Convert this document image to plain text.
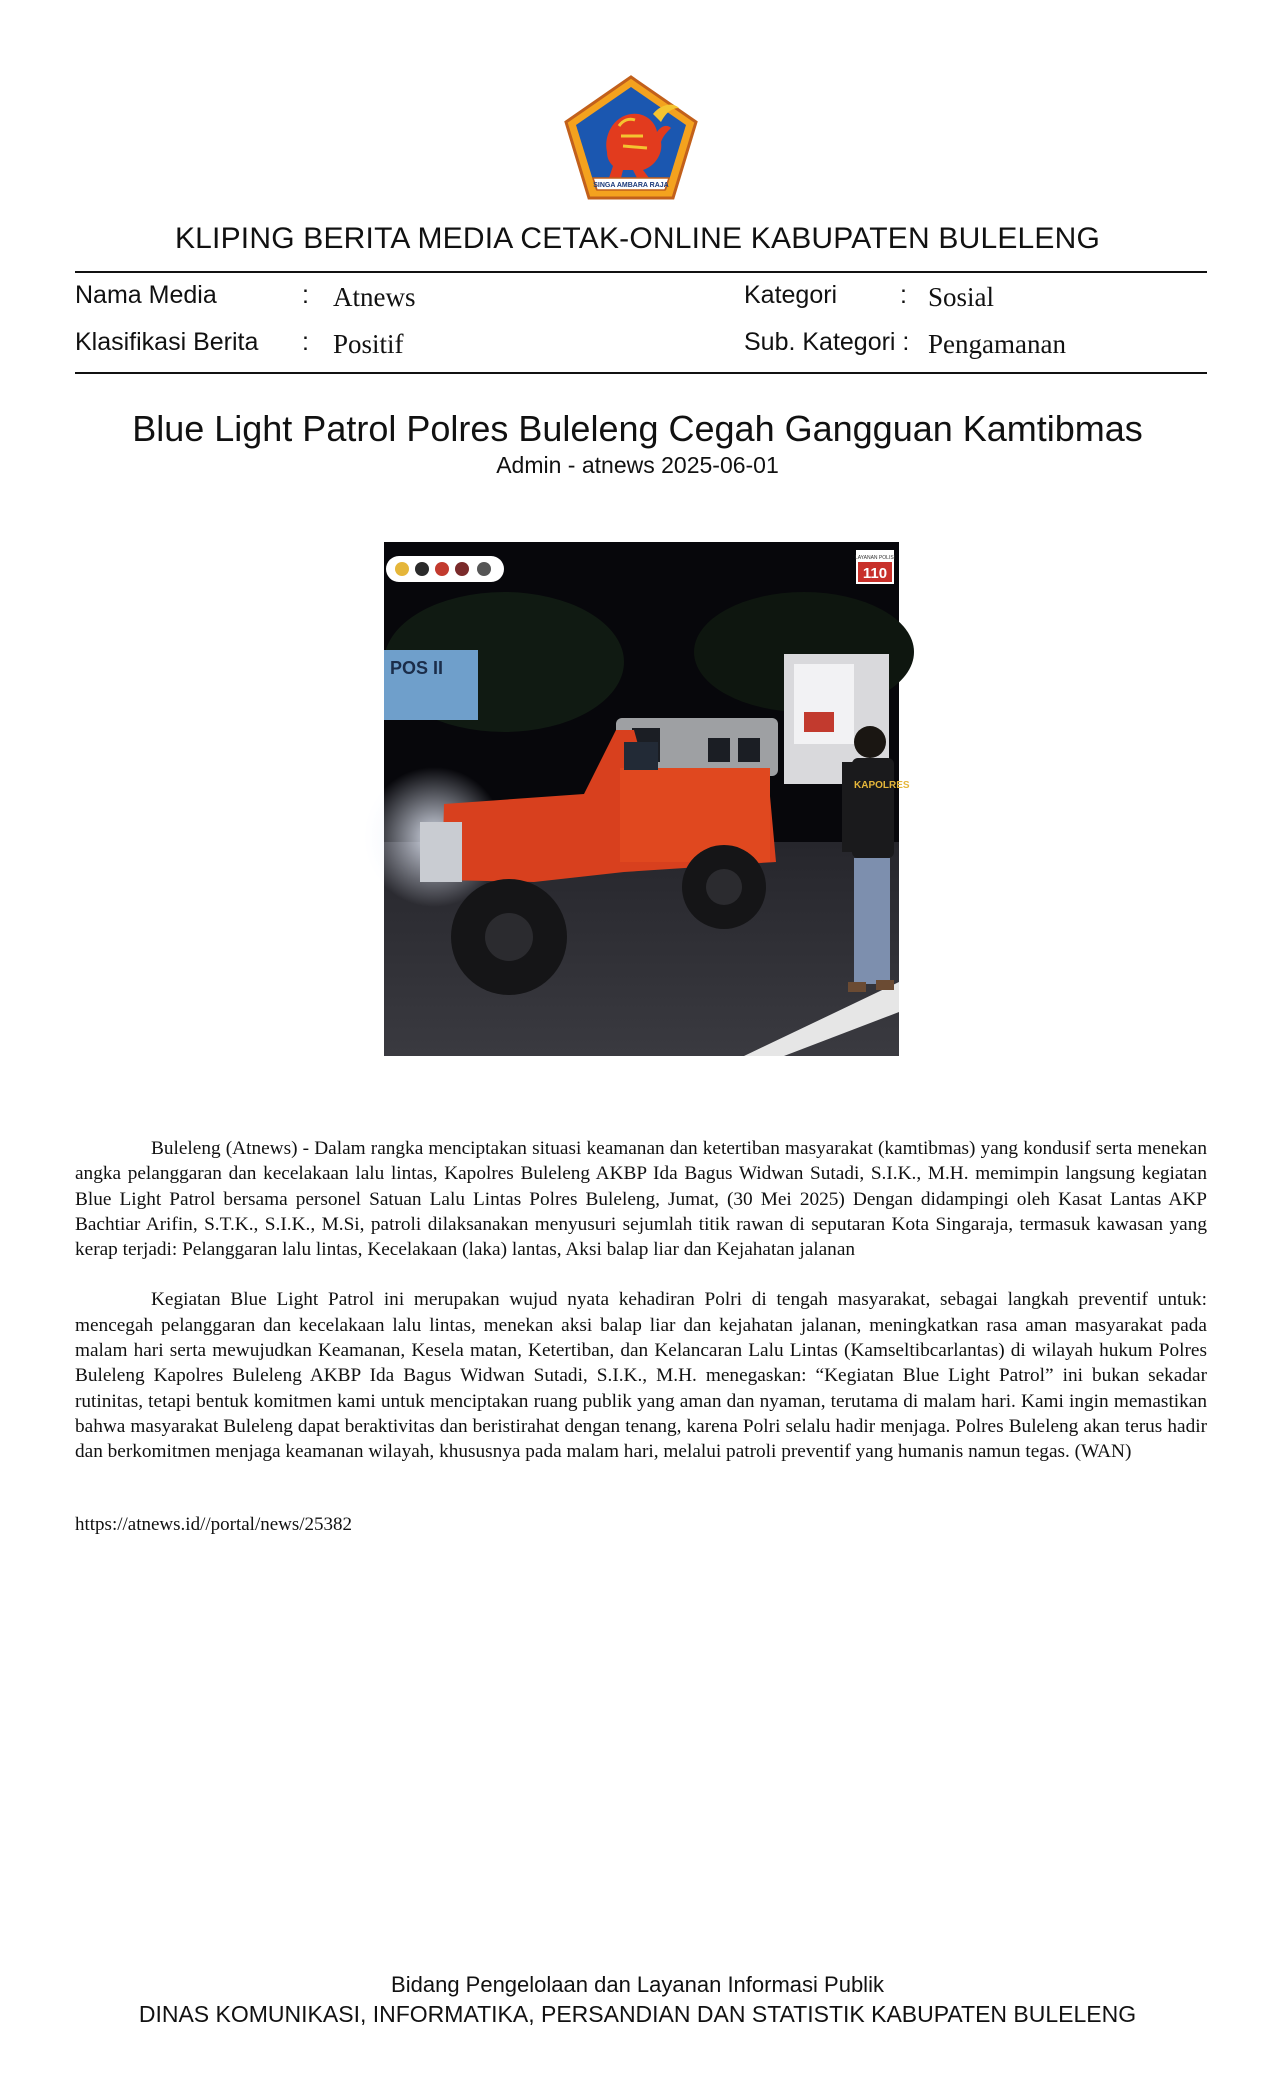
SINGA AMBARA RAJA
KLIPING BERITA MEDIA CETAK-ONLINE KABUPATEN BULELENG
Nama Media	: Atnews	Kategori	: Sosial
Klasifikasi Berita : Positif	Sub. Kategori : Pengamanan
Blue Light Patrol Polres Buleleng Cegah Gangguan Kamtibmas
Admin - atnews 2025-06-01
POS II
KAPOLRES
LAYANAN POLISI
110

Buleleng (Atnews) - Dalam rangka menciptakan situasi keamanan dan ketertiban masyarakat (kamtibmas) yang kondusif serta menekan angka pelanggaran dan kecelakaan lalu lintas, Kapolres Buleleng AKBP Ida Bagus Widwan Sutadi, S.I.K., M.H. memimpin langsung kegiatan Blue Light Patrol bersama personel Satuan Lalu Lintas Polres Buleleng, Jumat, (30 Mei 2025) Dengan didampingi oleh Kasat Lantas AKP Bachtiar Arifin, S.T.K., S.I.K., M.Si, patroli dilaksanakan menyusuri sejumlah titik rawan di seputaran Kota Singaraja, termasuk kawasan yang kerap terjadi: Pelanggaran lalu lintas, Kecelakaan (laka) lantas, Aksi balap liar dan Kejahatan jalanan

Kegiatan Blue Light Patrol ini merupakan wujud nyata kehadiran Polri di tengah masyarakat, sebagai langkah preventif untuk: mencegah pelanggaran dan kecelakaan lalu lintas, menekan aksi balap liar dan kejahatan jalanan, meningkatkan rasa aman masyarakat pada malam hari serta mewujudkan Keamanan, Kesela matan, Ketertiban, dan Kelancaran Lalu Lintas (Kamseltibcarlantas) di wilayah hukum Polres Buleleng Kapolres Buleleng AKBP Ida Bagus Widwan Sutadi, S.I.K., M.H. menegaskan: “Kegiatan Blue Light Patrol” ini bukan sekadar rutinitas, tetapi bentuk komitmen kami untuk menciptakan ruang publik yang aman dan nyaman, terutama di malam hari. Kami ingin memastikan bahwa masyarakat Buleleng dapat beraktivitas dan beristirahat dengan tenang, karena Polri selalu hadir menjaga. Polres Buleleng akan terus hadir dan berkomitmen menjaga keamanan wilayah, khususnya pada malam hari, melalui patroli preventif yang humanis namun tegas. (WAN)

https://atnews.id//portal/news/25382
Bidang Pengelolaan dan Layanan Informasi Publik
DINAS KOMUNIKASI, INFORMATIKA, PERSANDIAN DAN STATISTIK KABUPATEN BULELENG
